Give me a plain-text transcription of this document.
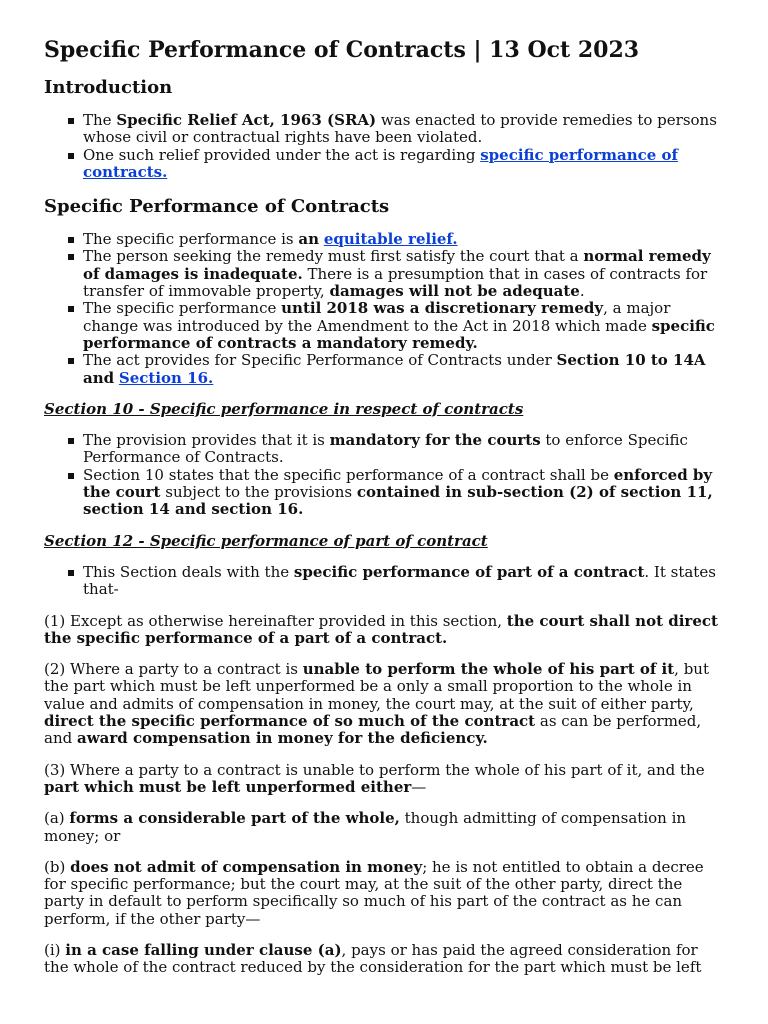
Specific Performance of Contracts | 13 Oct 2023
Introduction
The Specific Relief Act, 1963 (SRA) was enacted to provide remedies to persons whose civil or contractual rights have been violated.
One such relief provided under the act is regarding specific performance of contracts.
Specific Performance of Contracts
The specific performance is an equitable relief.
The person seeking the remedy must first satisfy the court that a normal remedy of damages is inadequate. There is a presumption that in cases of contracts for transfer of immovable property, damages will not be adequate.
The specific performance until 2018 was a discretionary remedy, a major change was introduced by the Amendment to the Act in 2018 which made specific performance of contracts a mandatory remedy.
The act provides for Specific Performance of Contracts under Section 10 to 14A and Section 16.
Section 10 - Specific performance in respect of contracts
The provision provides that it is mandatory for the courts to enforce Specific Performance of Contracts.
Section 10 states that the specific performance of a contract shall be enforced by the court subject to the provisions contained in sub-section (2) of section 11, section 14 and section 16.
Section 12 - Specific performance of part of contract
This Section deals with the specific performance of part of a contract. It states that-

(1) Except as otherwise hereinafter provided in this section, the court shall not direct the specific performance of a part of a contract.

(2) Where a party to a contract is unable to perform the whole of his part of it, but the part which must be left unperformed be a only a small proportion to the whole in value and admits of compensation in money, the court may, at the suit of either party, direct the specific performance of so much of the contract as can be performed, and award compensation in money for the deficiency.

(3) Where a party to a contract is unable to perform the whole of his part of it, and the part which must be left unperformed either—

(a) forms a considerable part of the whole, though admitting of compensation in money; or

(b) does not admit of compensation in money; he is not entitled to obtain a decree for specific performance; but the court may, at the suit of the other party, direct the party in default to perform specifically so much of his part of the contract as he can perform, if the other party—

(i) in a case falling under clause (a), pays or has paid the agreed consideration for the whole of the contract reduced by the consideration for the part which must be left
